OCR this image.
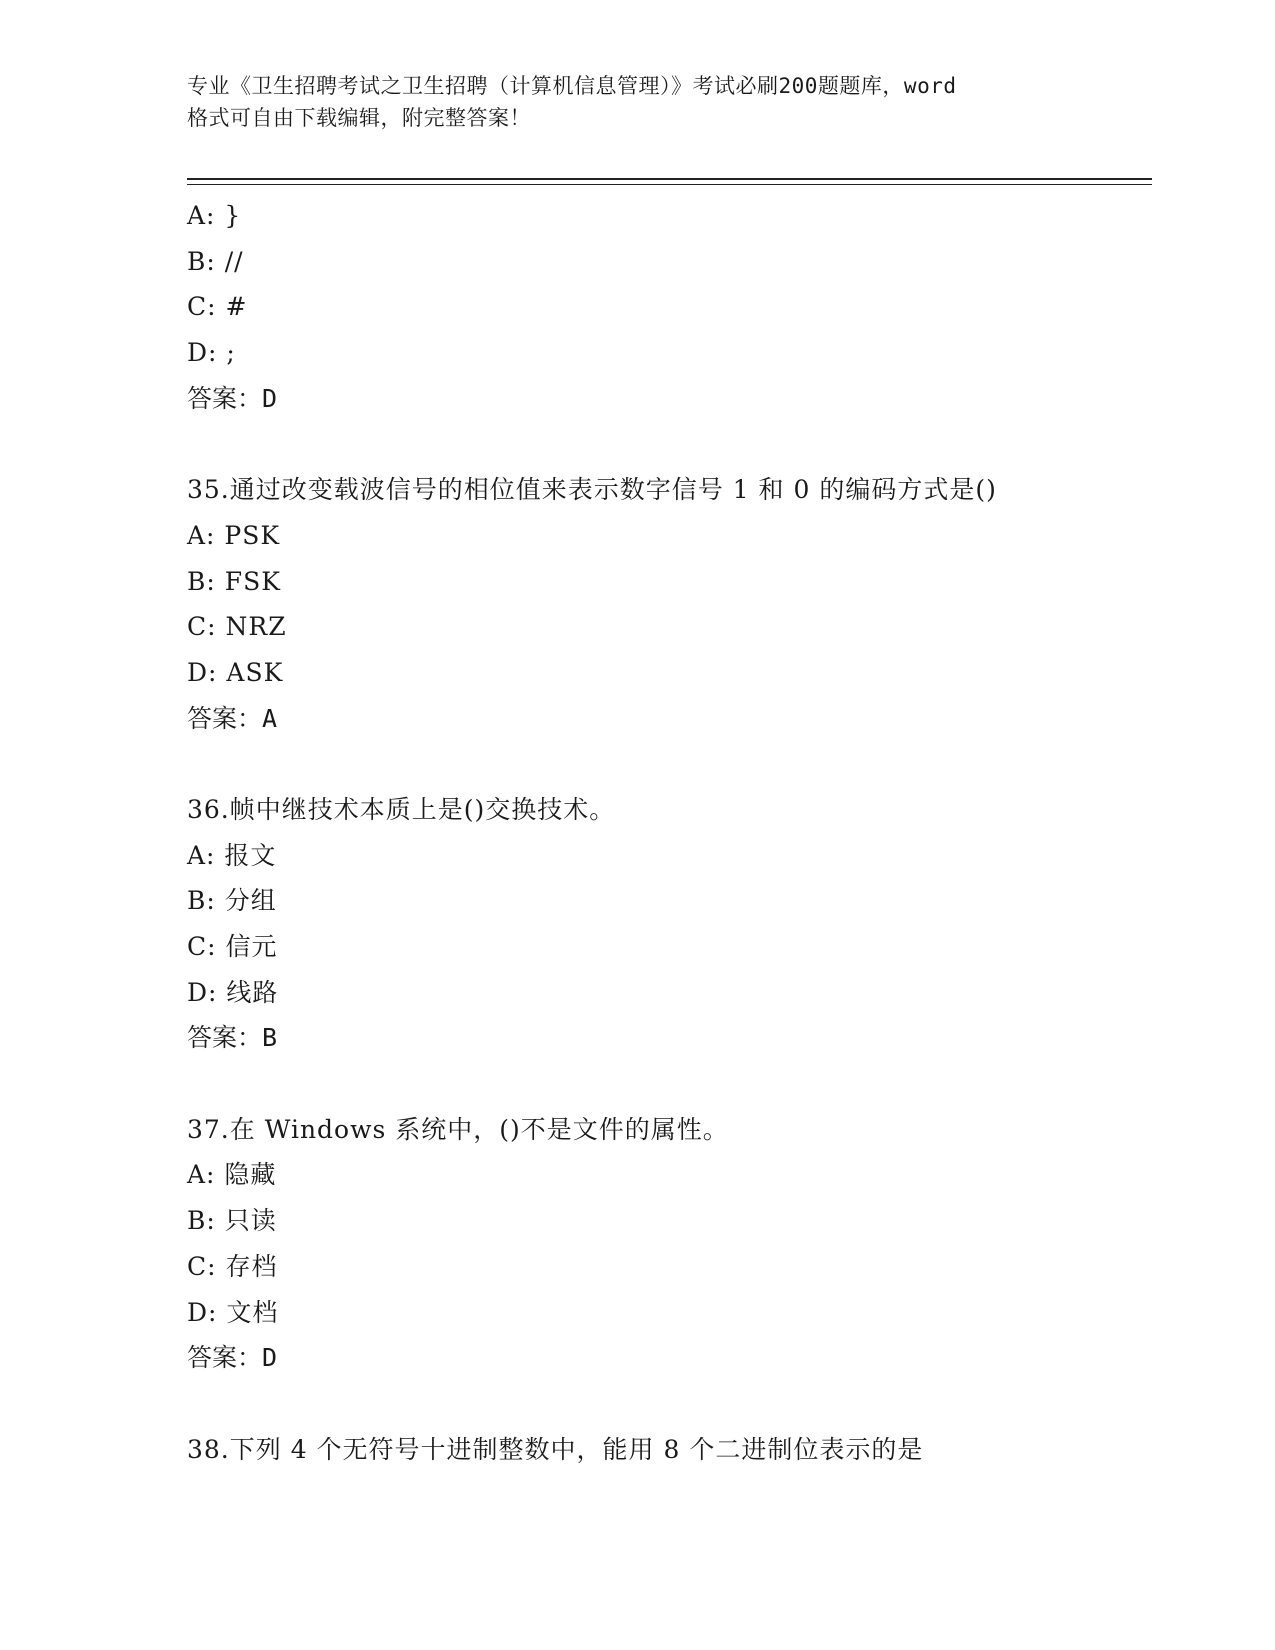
专业《卫生招聘考试之卫生招聘（计算机信息管理）》考试必刷200题题库，word
格式可自由下载编辑，附完整答案！
A: }
B: //
C: #
D: ;
答案：D
35.通过改变载波信号的相位值来表示数字信号 1 和 0 的编码方式是()
A: PSK
B: FSK
C: NRZ
D: ASK
答案：A
36.帧中继技术本质上是()交换技术。
A: 报文
B: 分组
C: 信元
D: 线路
答案：B
37.在 Windows 系统中，()不是文件的属性。
A: 隐藏
B: 只读
C: 存档
D: 文档
答案：D
38.下列 4 个无符号十进制整数中，能用 8 个二进制位表示的是
